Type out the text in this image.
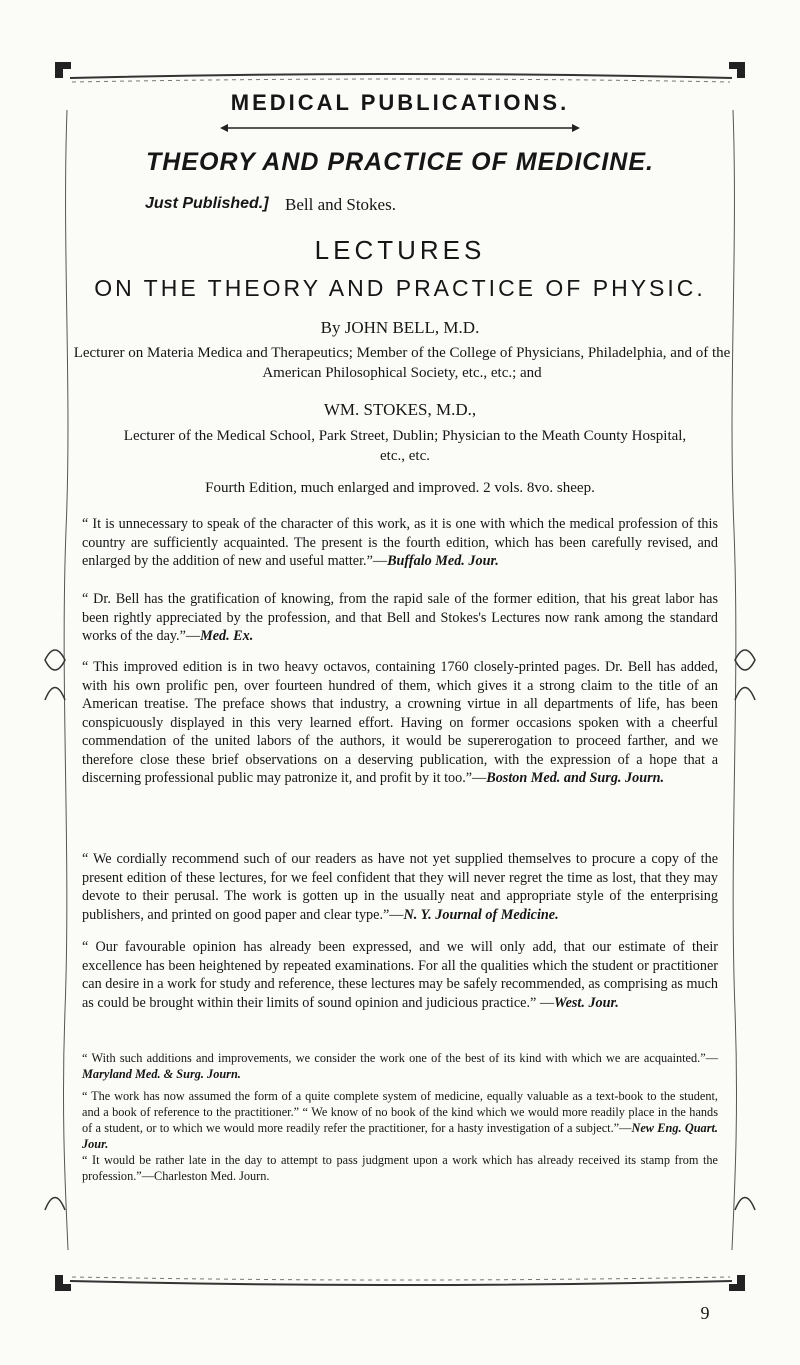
MEDICAL PUBLICATIONS.
THEORY AND PRACTICE OF MEDICINE.
Just Published.] Bell and Stokes.
LECTURES
ON THE THEORY AND PRACTICE OF PHYSIC.
By JOHN BELL, M.D.
Lecturer on Materia Medica and Therapeutics; Member of the College of Physicians, Philadelphia, and of the American Philosophical Society, etc., etc.; and
WM. STOKES, M.D.,
Lecturer of the Medical School, Park Street, Dublin; Physician to the Meath County Hospital, etc., etc.
Fourth Edition, much enlarged and improved. 2 vols. 8vo. sheep.
“ It is unnecessary to speak of the character of this work, as it is one with which the medical profession of this country are sufficiently acquainted. The present is the fourth edition, which has been carefully revised, and enlarged by the addition of new and useful matter.”—Buffalo Med. Jour.
“ Dr. Bell has the gratification of knowing, from the rapid sale of the former edition, that his great labor has been rightly appreciated by the profession, and that Bell and Stokes's Lectures now rank among the standard works of the day.”—Med. Ex.
“ This improved edition is in two heavy octavos, containing 1760 closely-printed pages. Dr. Bell has added, with his own prolific pen, over fourteen hundred of them, which gives it a strong claim to the title of an American treatise. The preface shows that industry, a crowning virtue in all departments of life, has been conspicuously displayed in this very learned effort. Having on former occasions spoken with a cheerful commendation of the united labors of the authors, it would be supererogation to proceed farther, and we therefore close these brief observations on a deserving publication, with the expression of a hope that a discerning professional public may patronize it, and profit by it too.”—Boston Med. and Surg. Journ.
“ We cordially recommend such of our readers as have not yet supplied themselves to procure a copy of the present edition of these lectures, for we feel confident that they will never regret the time as lost, that they may devote to their perusal. The work is gotten up in the usually neat and appropriate style of the enterprising publishers, and printed on good paper and clear type.”—N. Y. Journal of Medicine.
“ Our favourable opinion has already been expressed, and we will only add, that our estimate of their excellence has been heightened by repeated examinations. For all the qualities which the student or practitioner can desire in a work for study and reference, these lectures may be safely recommended, as comprising as much as could be brought within their limits of sound opinion and judicious practice.” —West. Jour.
“ With such additions and improvements, we consider the work one of the best of its kind with which we are acquainted.”—Maryland Med. & Surg. Journ.
“ The work has now assumed the form of a quite complete system of medicine, equally valuable as a text-book to the student, and a book of reference to the practitioner.” “ We know of no book of the kind which we would more readily place in the hands of a student, or to which we would more readily refer the practitioner, for a hasty investigation of a subject.”—New Eng. Quart. Jour.
“ It would be rather late in the day to attempt to pass judgment upon a work which has already received its stamp from the profession.”—Charleston Med. Journ.
9
